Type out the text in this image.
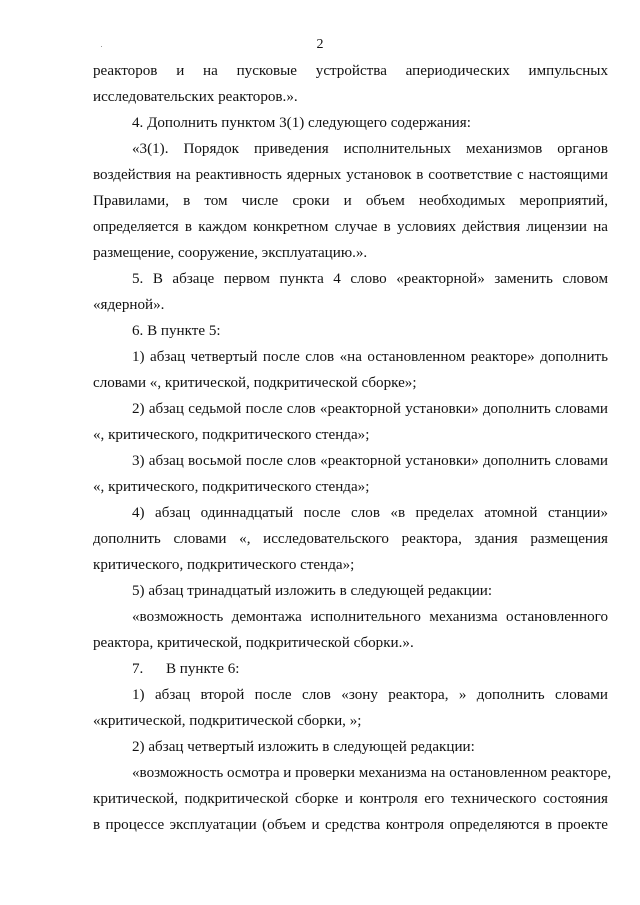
2
реакторов и на пусковые устройства апериодических импульсных
исследовательских реакторов.».
4. Дополнить пунктом 3(1) следующего содержания:
«3(1). Порядок приведения исполнительных механизмов органов
воздействия на реактивность ядерных установок в соответствие с настоящими
Правилами, в том числе сроки и объем необходимых мероприятий,
определяется в каждом конкретном случае в условиях действия лицензии на
размещение, сооружение, эксплуатацию.».
5. В абзаце первом пункта 4 слово «реакторной» заменить словом
«ядерной».
6. В пункте 5:
1) абзац четвертый после слов «на остановленном реакторе» дополнить
словами «, критической, подкритической сборке»;
2) абзац седьмой после слов «реакторной установки» дополнить словами
«, критического, подкритического стенда»;
3) абзац восьмой после слов «реакторной установки» дополнить словами
«, критического, подкритического стенда»;
4) абзац одиннадцатый после слов «в пределах атомной станции»
дополнить словами «, исследовательского реактора, здания размещения
критического, подкритического стенда»;
5) абзац тринадцатый изложить в следующей редакции:
«возможность демонтажа исполнительного механизма остановленного
реактора, критической, подкритической сборки.».
7.      В пункте 6:
1) абзац второй после слов «зону реактора, » дополнить словами
«критической, подкритической сборки, »;
2) абзац четвертый изложить в следующей редакции:
«возможность осмотра и проверки механизма на остановленном реакторе,
критической, подкритической сборке и контроля его технического состояния
в процессе эксплуатации (объем и средства контроля определяются в проекте
